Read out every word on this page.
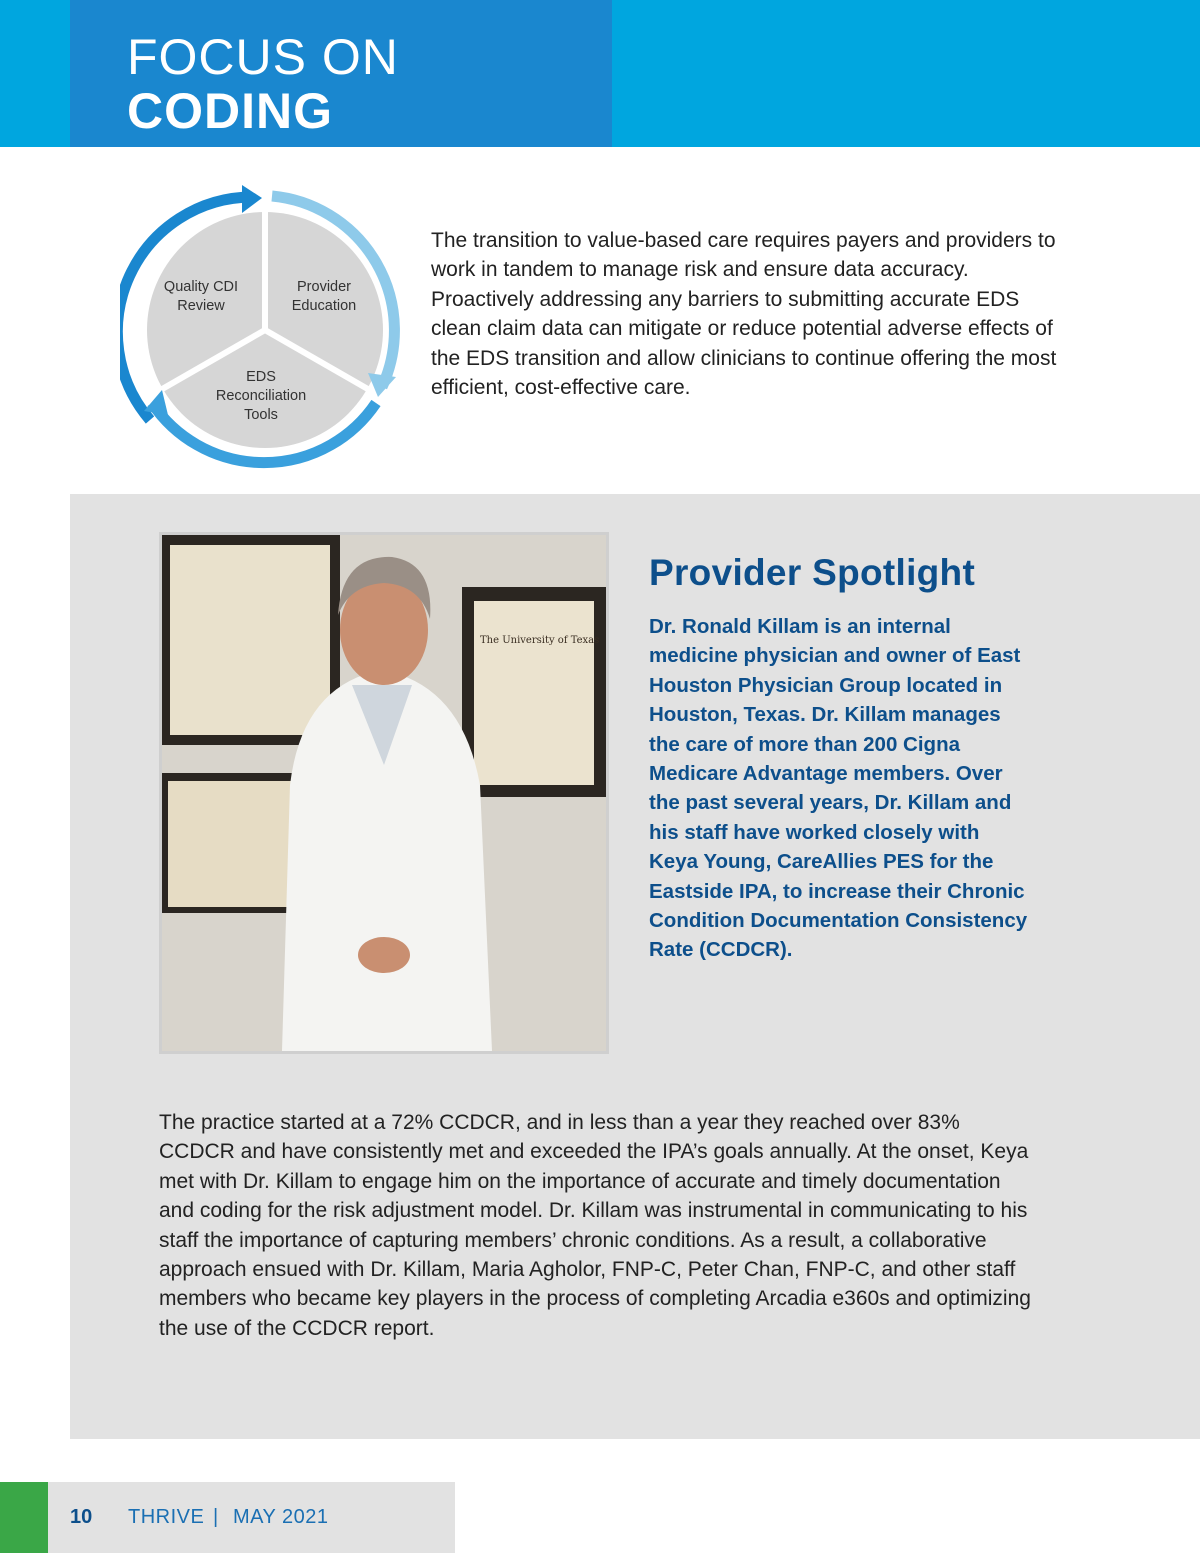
FOCUS ON
CODING
Quality CDI
Review
Provider
Education
EDS
Reconciliation
Tools

The transition to value-based care requires payers and providers to work in tandem to manage risk and ensure data accuracy. Proactively addressing any barriers to submitting accurate EDS clean claim data can mitigate or reduce potential adverse effects of the EDS transition and allow clinicians to continue offering the most efficient, cost-effective care.

The University of Texas
Provider Spotlight

Dr. Ronald Killam is an internal medicine physician and owner of East Houston Physician Group located in Houston, Texas. Dr. Killam manages the care of more than 200 Cigna Medicare Advantage members. Over the past several years, Dr. Killam and his staff have worked closely with Keya Young, CareAllies PES for the Eastside IPA, to increase their Chronic Condition Documentation Consistency Rate (CCDCR).

The practice started at a 72% CCDCR, and in less than a year they reached over 83% CCDCR and have consistently met and exceeded the IPA’s goals annually. At the onset, Keya met with Dr. Killam to engage him on the importance of accurate and timely documentation and coding for the risk adjustment model. Dr. Killam was instrumental in communicating to his staff the importance of capturing members’ chronic conditions. As a result, a collaborative approach ensued with Dr. Killam, Maria Agholor, FNP-C, Peter Chan, FNP-C, and other staff members who became key players in the process of completing Arcadia e360s and optimizing the use of the CCDCR report.

10 THRIVE | MAY 2021
